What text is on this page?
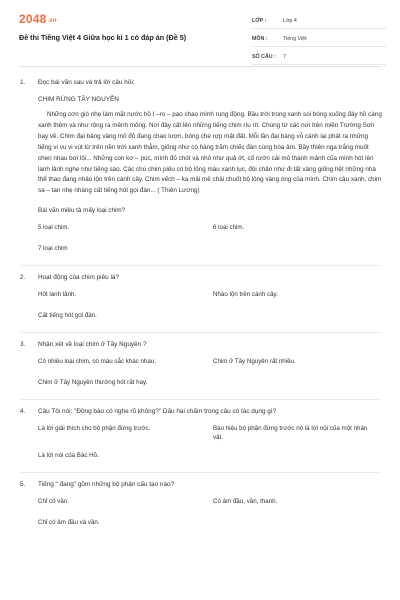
2048.vn
Đề thi Tiếng Việt 4 Giữa học kì 1 có đáp án (Đề 5)
LỚP :	Lớp 4
MÔN :	Tiếng Việt
SỐ CÂU :	7
1.	Đọc bài văn sau và trả lời câu hỏi:
CHIM RỪNG TÂY NGUYÊN
Những cơn gió nhẹ làm mặt nước hồ I –ro – pao chao mình rung động. Bầu trời trong xanh soi bóng xuống đáy hồ càng xanh thêm và như rộng ra mênh mông. Nơi đây cất lên những tiếng chim ríu rít. Chúng từ các nơi trên miền Trường Sơn bay về. Chim đại bàng vàng mỏ đỏ đang chao lượn, bóng che rợp mặt đất. Mỗi lần đại bàng vỗ cánh lại phát ra những tiếng vi vu vi vút từ trên nền trời xanh thẳm, giống như có hàng trăm chiếc đàn cùng hòa âm. Bầy thiên nga trắng muốt chen nhau bơi lội... Những con kơ – púc, mình đỏ chót và nhỏ như quả ớt, cố rướn cái mỏ thanh mảnh của mình hót lên lanh lảnh nghe như tiếng sáo. Các chú chim piêu có bộ lông màu xanh lục, đôi chân như đi tất vàng giống hệt những nhà thể thao đang nhảo lộn trên cành cây. Chim vếch – ka mải mê chải chuốt bộ lông vàng óng của mình. Chim câu xanh, chim sa – tan nhẹ nhàng cất tiếng hót gọi đàn... ( Thiên Lương)
Bài văn miêu tả mấy loại chim?
5 loại chim.	6 loại chim.
7 loại chim
2.	Hoạt động của chim piêu là?
Hót lanh lảnh.	Nhào lộn trên cành cây.
Cất tiếng hót gọi đàn.
3.	Nhận xét về loại chim ở Tây Nguyên ?
Có nhiều loại chim, có màu sắc khác nhau.	Chim ở Tây Nguyên rất nhiều.
Chim ở Tây Nguyên thường hót rất hay.
4.	Câu Tôi nói: "Đồng bào có nghe rõ không?" Dấu hai chấm trong câu có tác dụng gì?
Là lời giải thích cho bộ phận đứng trước.	Báo hiệu bộ phận đứng trước nó là lời nói của một nhân vật.
Là lời nói của Bác Hồ.
5.	Tiếng " đang" gồm những bộ phận cấu tạo nào?
Chỉ có vần.	Có âm đầu, vần, thanh.
Chỉ có âm đầu và vần.
